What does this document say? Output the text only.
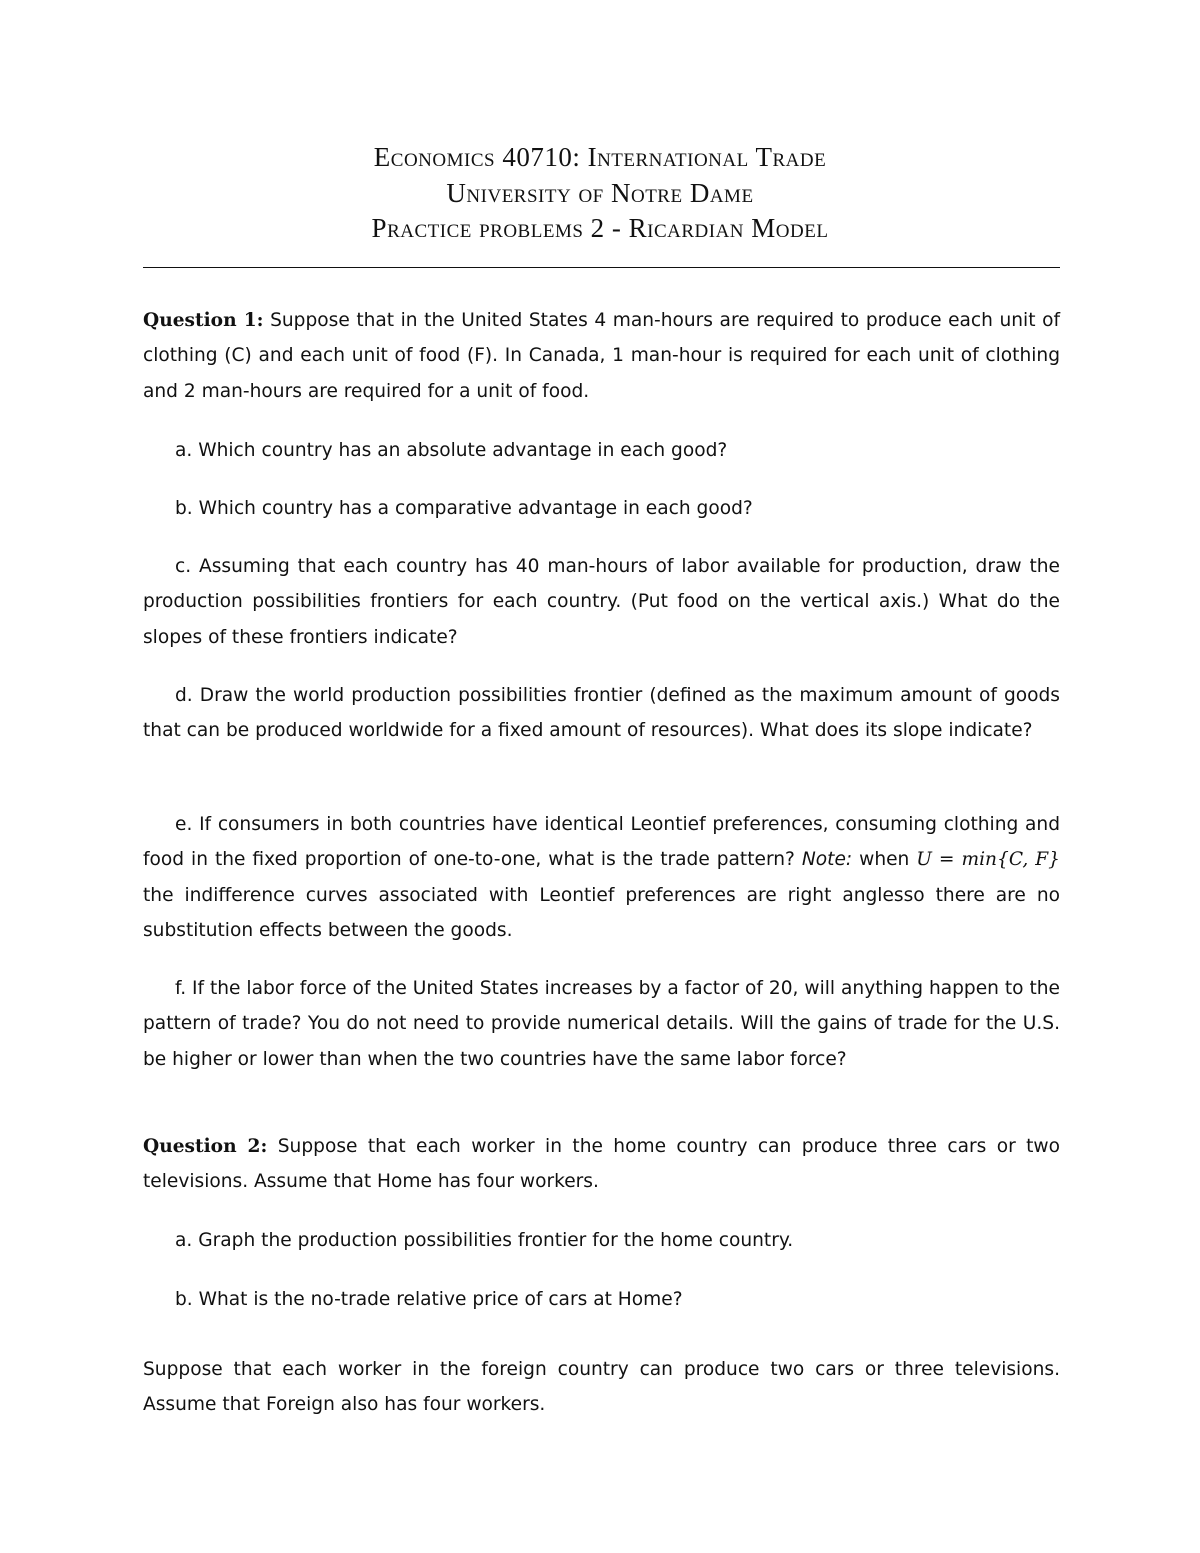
Economics 40710: International Trade
University of Notre Dame
Practice problems 2 - Ricardian Model
Question 1: Suppose that in the United States 4 man-hours are required to produce each unit of clothing (C) and each unit of food (F). In Canada, 1 man-hour is required for each unit of clothing and 2 man-hours are required for a unit of food.
a. Which country has an absolute advantage in each good?
b. Which country has a comparative advantage in each good?
c. Assuming that each country has 40 man-hours of labor available for production, draw the production possibilities frontiers for each country. (Put food on the vertical axis.) What do the slopes of these frontiers indicate?
d. Draw the world production possibilities frontier (defined as the maximum amount of goods that can be produced worldwide for a fixed amount of resources). What does its slope indicate?
e. If consumers in both countries have identical Leontief preferences, consuming clothing and food in the fixed proportion of one-to-one, what is the trade pattern? Note: when U = min{C, F} the indifference curves associated with Leontief preferences are right anglesso there are no substitution effects between the goods.
f. If the labor force of the United States increases by a factor of 20, will anything happen to the pattern of trade? You do not need to provide numerical details. Will the gains of trade for the U.S. be higher or lower than when the two countries have the same labor force?
Question 2: Suppose that each worker in the home country can produce three cars or two televisions. Assume that Home has four workers.
a. Graph the production possibilities frontier for the home country.
b. What is the no-trade relative price of cars at Home?
Suppose that each worker in the foreign country can produce two cars or three televisions. Assume that Foreign also has four workers.
